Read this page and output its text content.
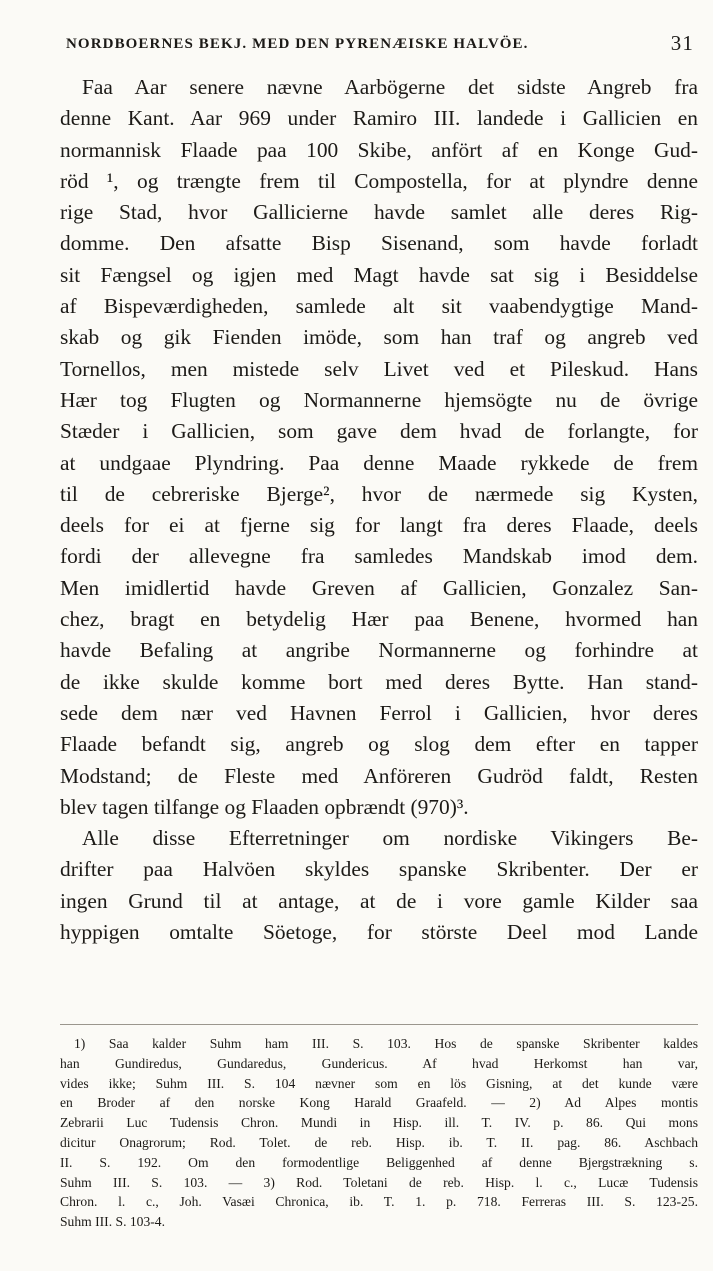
NORDBOERNES BEKJ. MED DEN PYRENÆISKE HALVÖE.	31
Faa Aar senere nævne Aarbögerne det sidste Angreb fra
denne Kant. Aar 969 under Ramiro III. landede i Gallicien en
normannisk Flaade paa 100 Skibe, anfört af en Konge Gud-
röd ¹, og trængte frem til Compostella, for at plyndre denne
rige Stad, hvor Gallicierne havde samlet alle deres Rig-
domme. Den afsatte Bisp Sisenand, som havde forladt
sit Fængsel og igjen med Magt havde sat sig i Besiddelse
af Bispeværdigheden, samlede alt sit vaabendygtige Mand-
skab og gik Fienden imöde, som han traf og angreb ved
Tornellos, men mistede selv Livet ved et Pileskud. Hans
Hær tog Flugten og Normannerne hjemsögte nu de övrige
Stæder i Gallicien, som gave dem hvad de forlangte, for
at undgaae Plyndring. Paa denne Maade rykkede de frem
til de cebreriske Bjerge², hvor de nærmede sig Kysten,
deels for ei at fjerne sig for langt fra deres Flaade, deels
fordi der allevegne fra samledes Mandskab imod dem.
Men imidlertid havde Greven af Gallicien, Gonzalez San-
chez, bragt en betydelig Hær paa Benene, hvormed han
havde Befaling at angribe Normannerne og forhindre at
de ikke skulde komme bort med deres Bytte. Han stand-
sede dem nær ved Havnen Ferrol i Gallicien, hvor deres
Flaade befandt sig, angreb og slog dem efter en tapper
Modstand; de Fleste med Anföreren Gudröd faldt, Resten
blev tagen tilfange og Flaaden opbrændt (970)³.
Alle disse Efterretninger om nordiske Vikingers Be-
drifter paa Halvöen skyldes spanske Skribenter. Der er
ingen Grund til at antage, at de i vore gamle Kilder saa
hyppigen omtalte Söetoge, for störste Deel mod Lande
1) Saa kalder Suhm ham III. S. 103. Hos de spanske Skribenter kaldes
han Gundiredus, Gundaredus, Gundericus. Af hvad Herkomst han var,
vides ikke; Suhm III. S. 104 nævner som en lös Gisning, at det kunde være
en Broder af den norske Kong Harald Graafeld. — 2) Ad Alpes montis
Zebrarii Luc Tudensis Chron. Mundi in Hisp. ill. T. IV. p. 86. Qui mons
dicitur Onagrorum; Rod. Tolet. de reb. Hisp. ib. T. II. pag. 86. Aschbach
II. S. 192. Om den formodentlige Beliggenhed af denne Bjergstrækning s.
Suhm III. S. 103. — 3) Rod. Toletani de reb. Hisp. l. c., Lucæ Tudensis
Chron. l. c., Joh. Vasæi Chronica, ib. T. 1. p. 718. Ferreras III. S. 123-25.
Suhm III. S. 103-4.
